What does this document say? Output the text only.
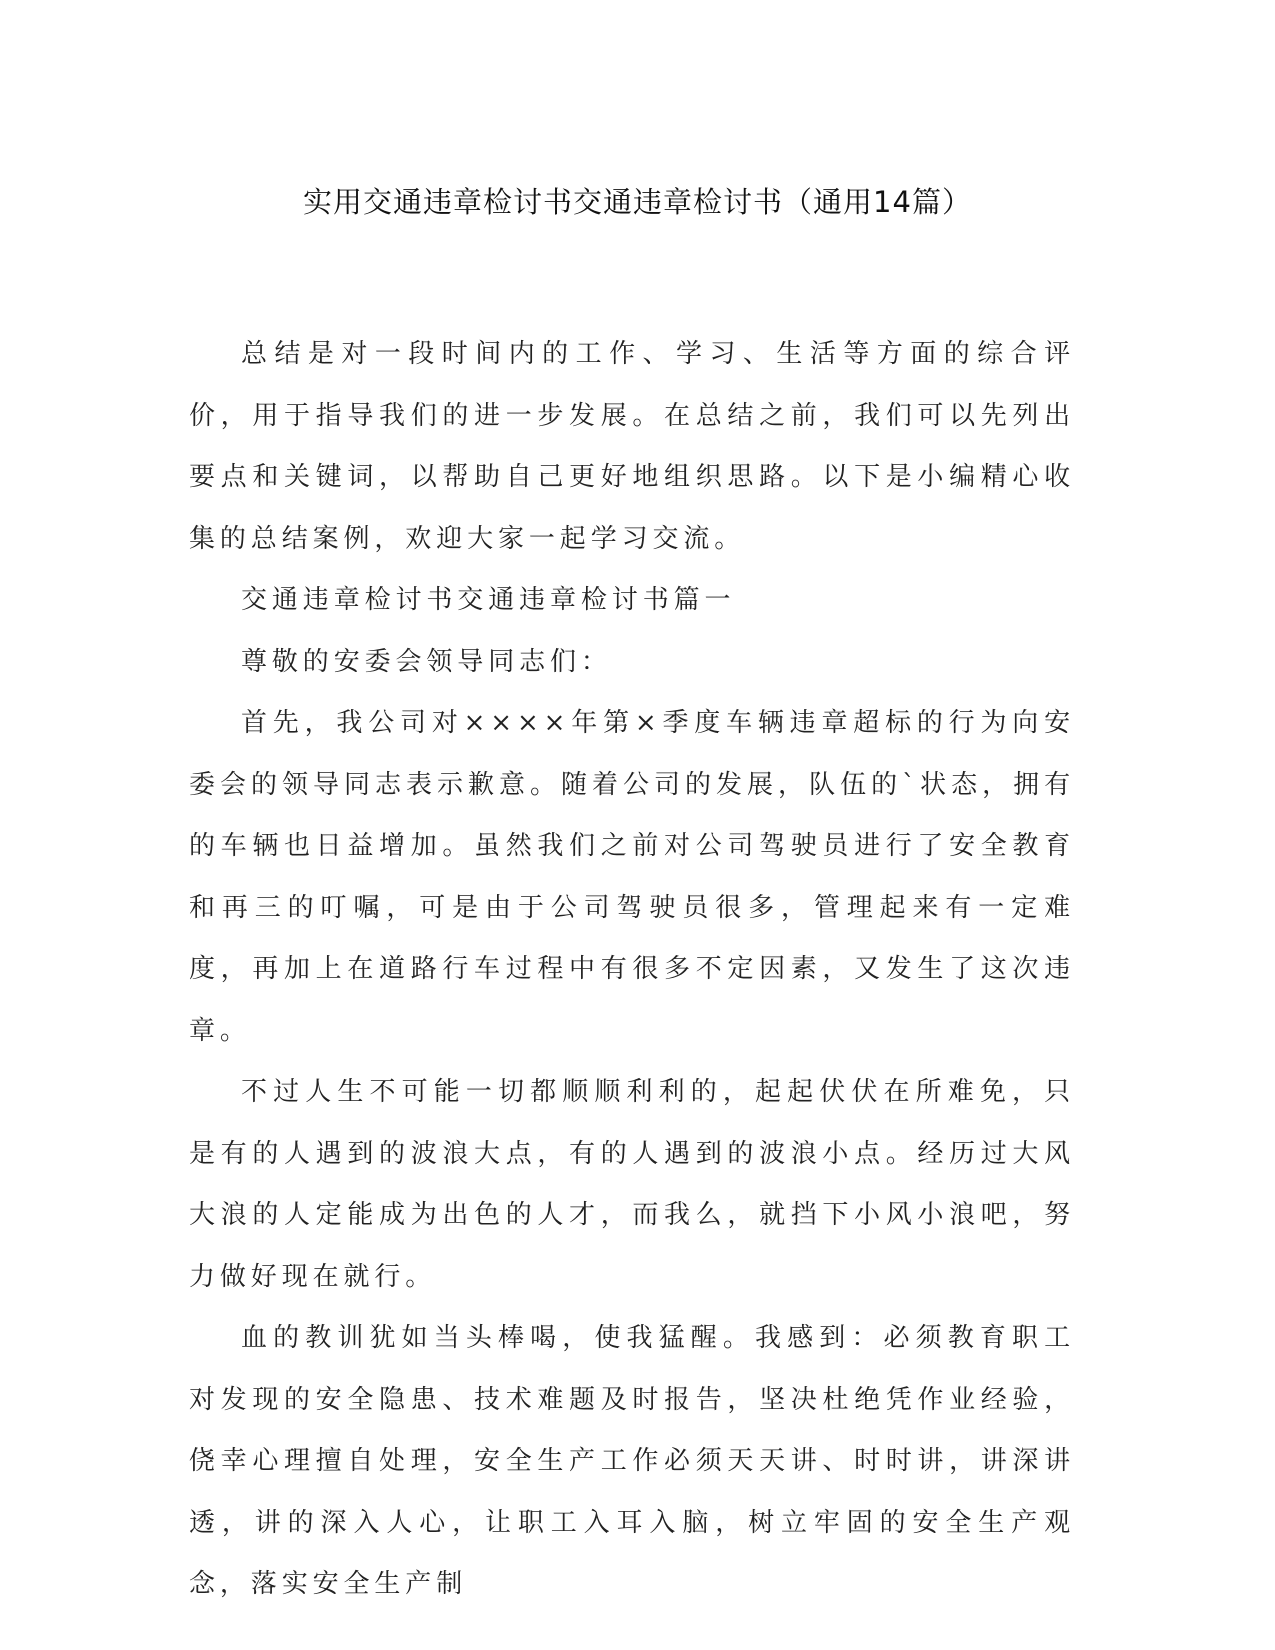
实用交通违章检讨书交通违章检讨书（通用14篇）

总结是对一段时间内的工作、学习、生活等方面的综合评价，用于指导我们的进一步发展。在总结之前，我们可以先列出要点和关键词，以帮助自己更好地组织思路。以下是小编精心收集的总结案例，欢迎大家一起学习交流。

交通违章检讨书交通违章检讨书篇一

尊敬的安委会领导同志们：

首先，我公司对××××年第×季度车辆违章超标的行为向安委会的领导同志表示歉意。随着公司的发展，队伍的`状态，拥有的车辆也日益增加。虽然我们之前对公司驾驶员进行了安全教育和再三的叮嘱，可是由于公司驾驶员很多，管理起来有一定难度，再加上在道路行车过程中有很多不定因素，又发生了这次违章。

不过人生不可能一切都顺顺利利的，起起伏伏在所难免，只是有的人遇到的波浪大点，有的人遇到的波浪小点。经历过大风大浪的人定能成为出色的人才，而我么，就挡下小风小浪吧，努力做好现在就行。

血的教训犹如当头棒喝，使我猛醒。我感到：必须教育职工对发现的安全隐患、技术难题及时报告，坚决杜绝凭作业经验，侥幸心理擅自处理，安全生产工作必须天天讲、时时讲，讲深讲透，讲的深入人心，让职工入耳入脑，树立牢固的安全生产观念，落实安全生产制
